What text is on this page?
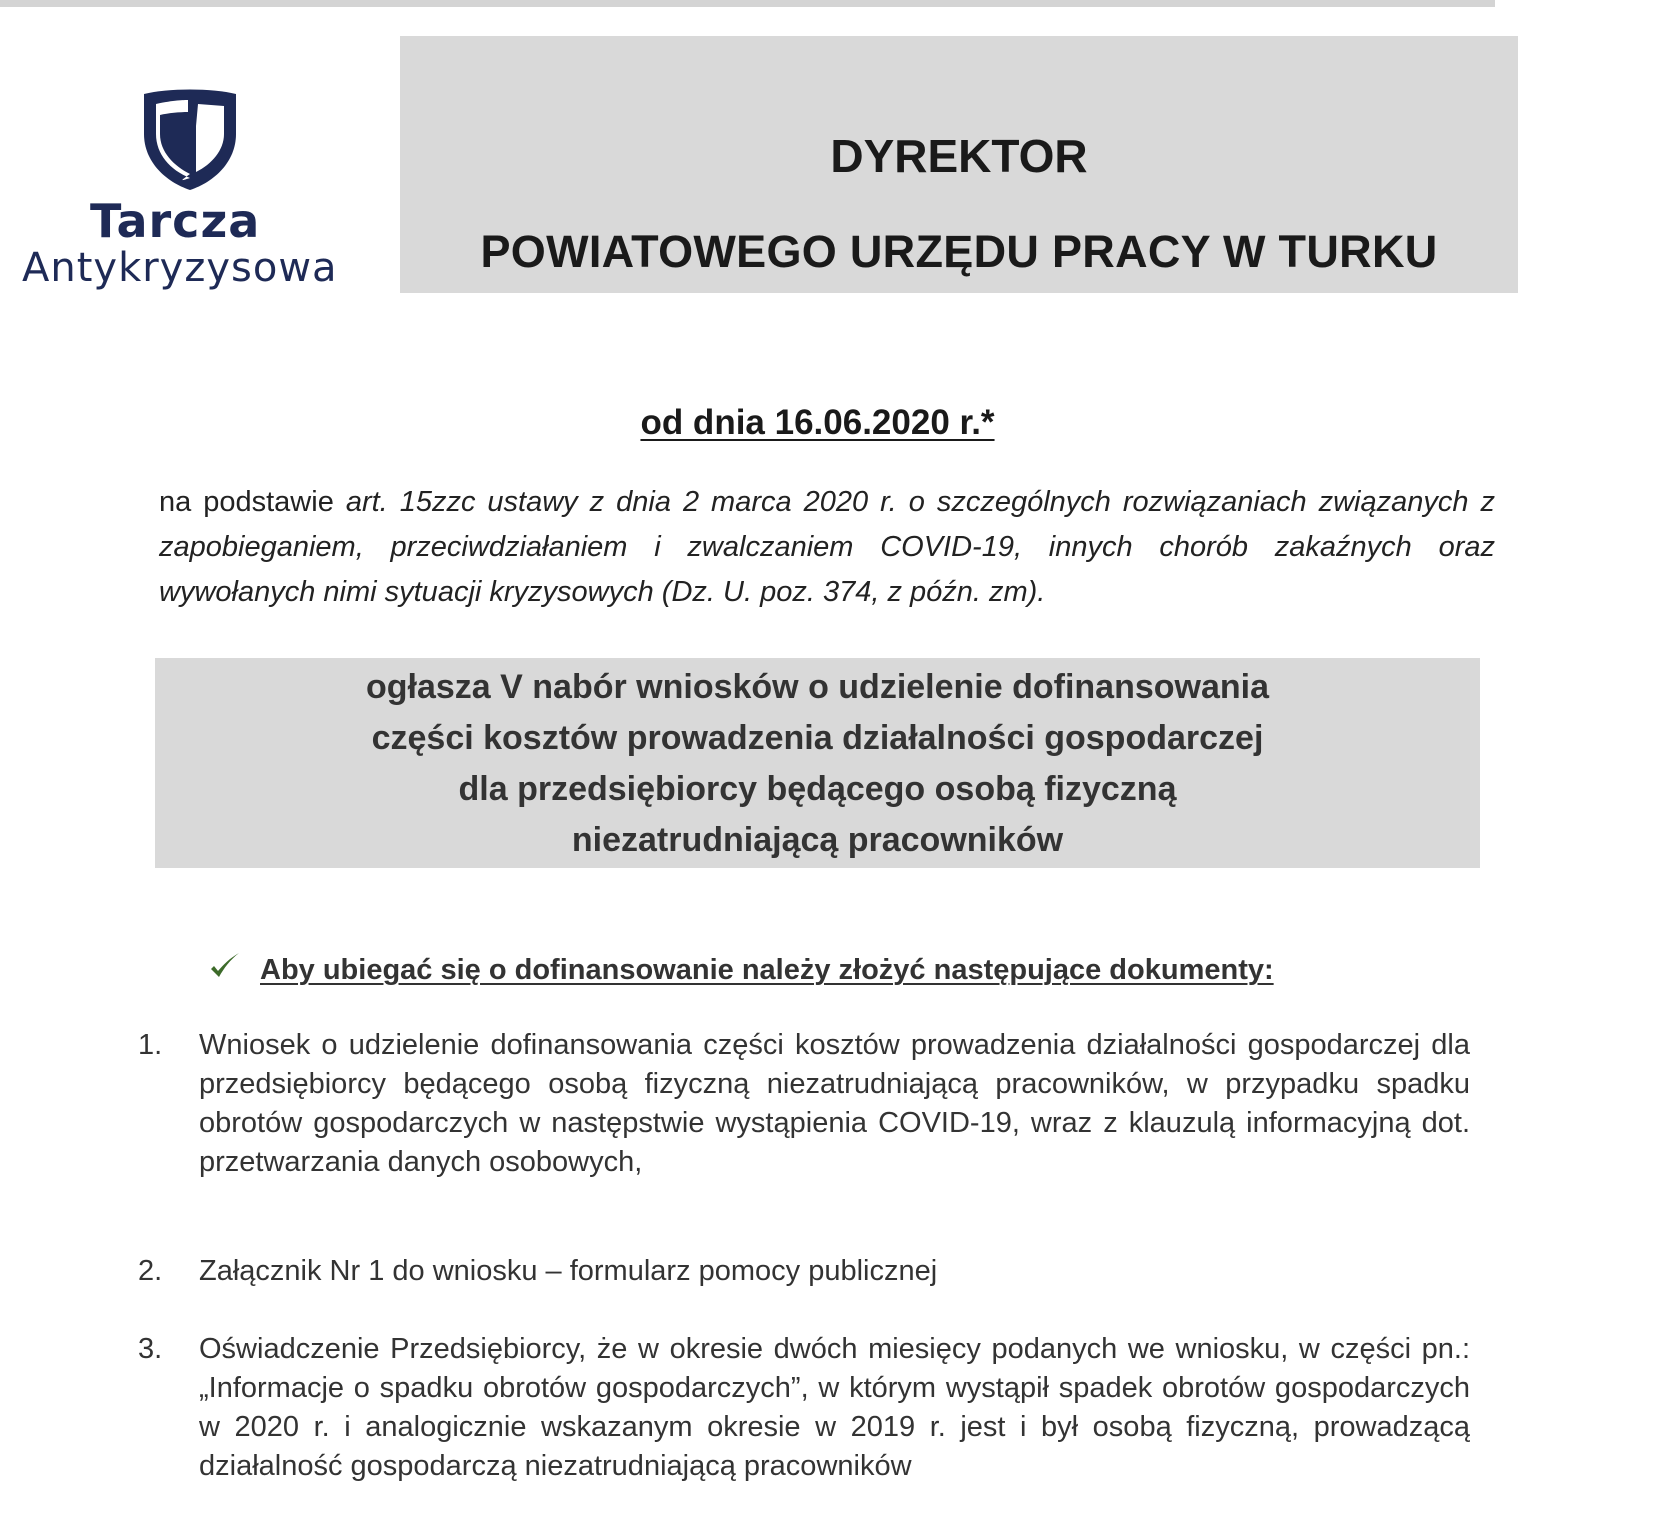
Tarcza
Antykryzysowa
DYREKTOR
POWIATOWEGO URZĘDU PRACY W TURKU
od dnia 16.06.2020 r.*
na podstawie art. 15zzc ustawy z dnia 2 marca 2020 r. o szczególnych rozwiązaniach związanych z zapobieganiem, przeciwdziałaniem i zwalczaniem COVID-19, innych chorób zakaźnych oraz wywołanych nimi sytuacji kryzysowych (Dz. U. poz. 374, z późn. zm).
ogłasza V nabór wniosków o udzielenie dofinansowania
części kosztów prowadzenia działalności gospodarczej
dla przedsiębiorcy będącego osobą fizyczną
niezatrudniającą pracowników
Aby ubiegać się o dofinansowanie należy złożyć następujące dokumenty:
1. Wniosek o udzielenie dofinansowania części kosztów prowadzenia działalności gospodarczej dla przedsiębiorcy będącego osobą fizyczną niezatrudniającą pracowników, w przypadku spadku obrotów gospodarczych w następstwie wystąpienia COVID-19, wraz z klauzulą informacyjną dot. przetwarzania danych osobowych,
2. Załącznik Nr 1 do wniosku – formularz pomocy publicznej
3. Oświadczenie Przedsiębiorcy, że w okresie dwóch miesięcy podanych we wniosku, w części pn.: „Informacje o spadku obrotów gospodarczych”, w którym wystąpił spadek obrotów gospodarczych w 2020 r. i analogicznie wskazanym okresie w 2019 r. jest i był osobą fizyczną, prowadzącą działalność gospodarczą niezatrudniającą pracowników
